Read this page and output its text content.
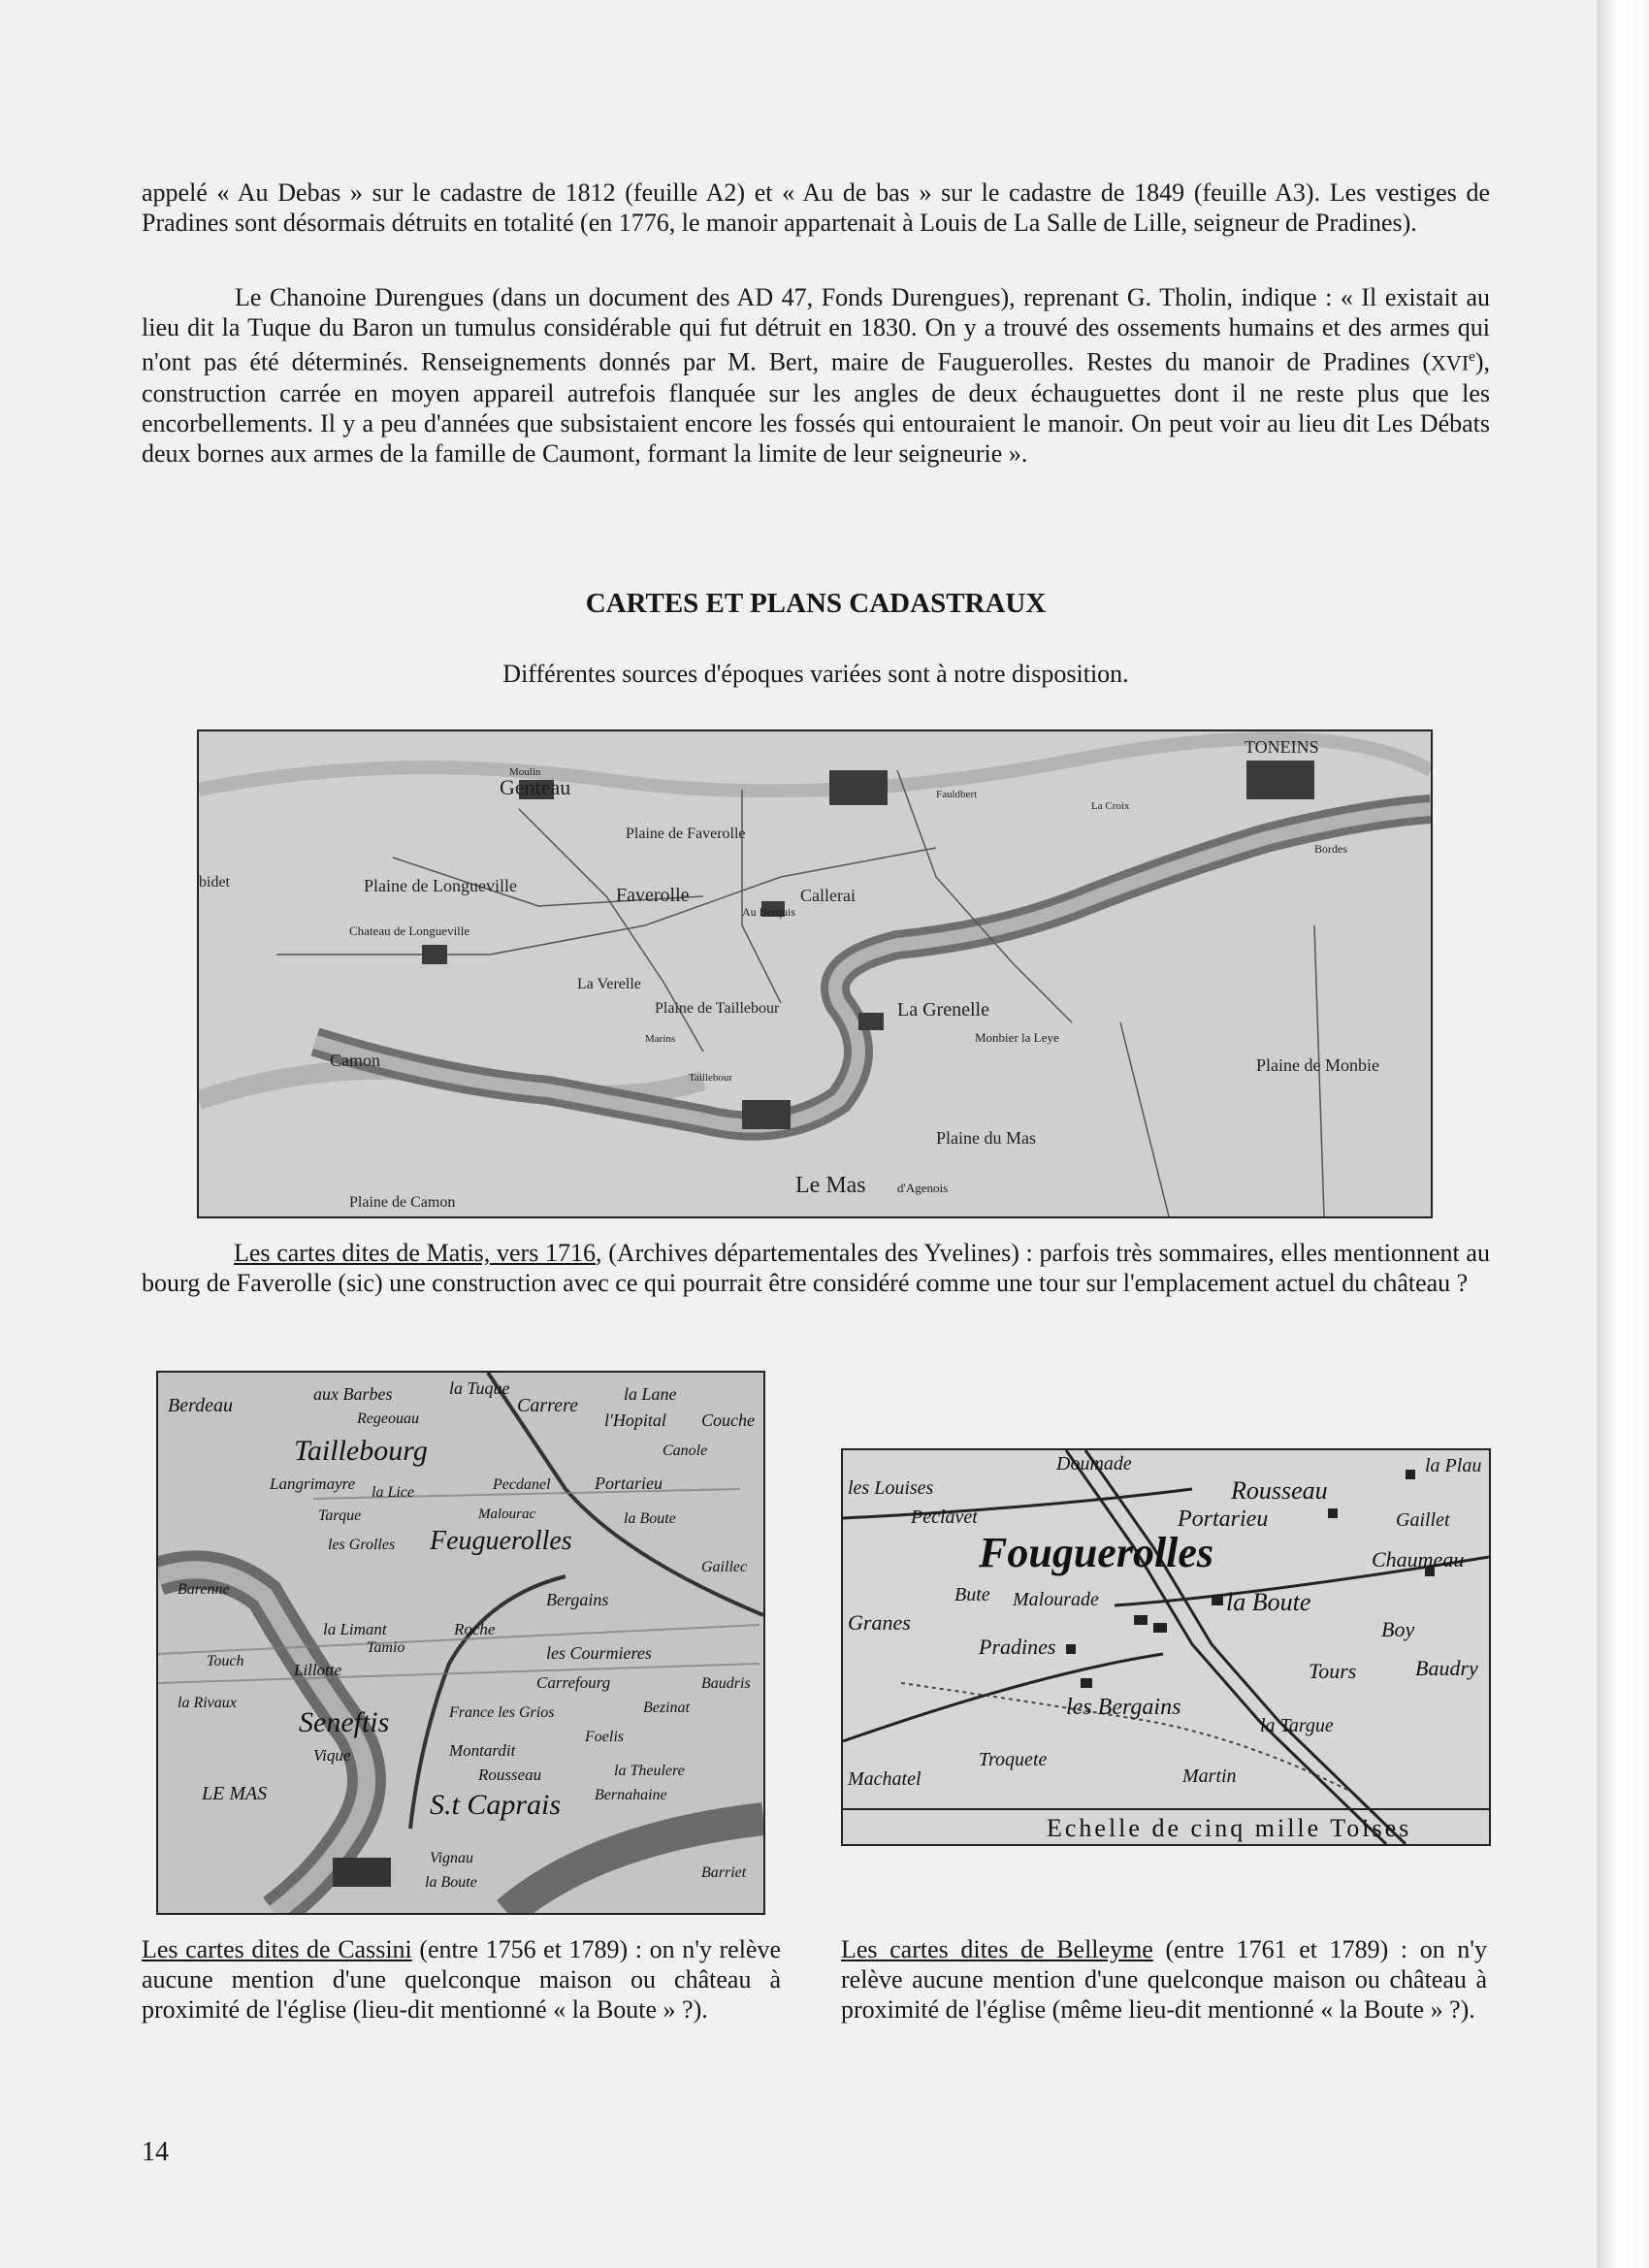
appelé « Au Debas » sur le cadastre de 1812 (feuille A2) et « Au de bas » sur le cadastre de 1849 (feuille A3). Les vestiges de Pradines sont désormais détruits en totalité (en 1776, le manoir appartenait à Louis de La Salle de Lille, seigneur de Pradines).

Le Chanoine Durengues (dans un document des AD 47, Fonds Durengues), reprenant G. Tholin, indique : « Il existait au lieu dit la Tuque du Baron un tumulus considérable qui fut détruit en 1830. On y a trouvé des ossements humains et des armes qui n'ont pas été déterminés. Renseignements donnés par M. Bert, maire de Fauguerolles. Restes du manoir de Pradines (XVIe), construction carrée en moyen appareil autrefois flanquée sur les angles de deux échauguettes dont il ne reste plus que les encorbellements. Il y a peu d'années que subsistaient encore les fossés qui entouraient le manoir. On peut voir au lieu dit Les Débats deux bornes aux armes de la famille de Caumont, formant la limite de leur seigneurie ».

CARTES ET PLANS CADASTRAUX
Différentes sources d'époques variées sont à notre disposition.
TONEINS
Moulin
Genteau
Plaine de Faverolle
Plaine de Longueville	Faverolle
Au Berquis
Callerai
Chateau de Longueville
La Verelle
Plaine de Taillebour	La Grenelle
Monbier la Leye
Camon	Plaine de Monbie
Plaine du Mas
Le Mas d'Agenois
Plaine de Camon
bidet
Taillebour
La Croix
Bordes
Marins
Fauldbert

Les cartes dites de Matis, vers 1716, (Archives départementales des Yvelines) : parfois très sommaires, elles mentionnent au bourg de Faverolle (sic) une construction avec ce qui pourrait être considéré comme une tour sur l'emplacement actuel du château ?

Berdeau
aux Barbes
Regeouau
la Tuque
Carrere
la Lane
l'Hopital Couche
Canole
Taillebourg
Pecdanel	Portarieu
Langrimayre la Lice
Tarque	Malourac	la Boute
les Grolles Feuguerolles
Gaillec
Barenne
Bergains
la Limant	Roche
Tamio	les Courmieres
Touch	Lillotte
Carrefourg	Baudris
la Rivaux
France les Grios	Bezinat
Seneftis	Foelis
Montardit
Vique
la Theulere
Rousseau
Bernahaine
LE MAS	S.t Caprais
Vignau
la Boute
Barriet
Doumade	la Plau
les Louises	Rousseau
Peclavet	Portarieu	Gaillet
Fouguerolles	Chaumeau
Bute Malourade	la Boute
Granes	Boy
Pradines
Tours	Baudry
les Bergains
la Targue
Troquete
Machatel	Martin
Echelle de cinq mille Toises

Les cartes dites de Cassini (entre 1756 et 1789) : on n'y relève aucune mention d'une quelconque maison ou château à proximité de l'église (lieu-dit mentionné « la Boute » ?).

Les cartes dites de Belleyme (entre 1761 et 1789) : on n'y relève aucune mention d'une quelconque maison ou château à proximité de l'église (même lieu-dit mentionné « la Boute » ?).

14
